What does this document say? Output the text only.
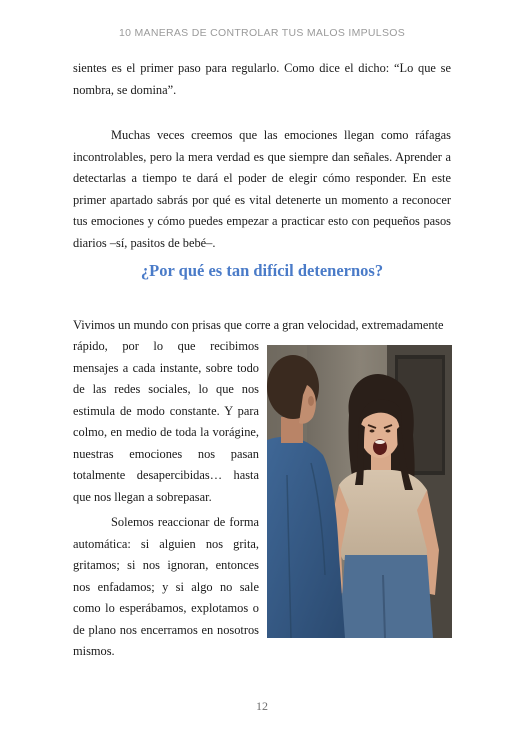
10 MANERAS DE CONTROLAR TUS MALOS IMPULSOS

sientes es el primer paso para regularlo. Como dice el dicho: “Lo que se nombra, se domina”.

Muchas veces creemos que las emociones llegan como ráfagas incontrolables, pero la mera verdad es que siempre dan señales. Aprender a detectarlas a tiempo te dará el poder de elegir cómo responder. En este primer apartado sabrás por qué es vital detenerte un momento a reconocer tus emociones y cómo puedes empezar a practicar esto con pequeños pasos diarios –sí, pasitos de bebé–.

¿Por qué es tan difícil detenernos?

Vivimos un mundo con prisas que corre a gran velocidad, extremadamente

rápido, por lo que recibimos mensajes a cada instante, sobre todo de las redes sociales, lo que nos estimula de modo constante. Y para colmo, en medio de toda la vorágine, nuestras emociones nos pasan totalmente desapercibidas… hasta que nos llegan a sobrepasar.

Solemos reaccionar de forma automática: si alguien nos grita, gritamos; si nos ignoran, entonces nos enfadamos; y si algo no sale como lo esperábamos, explotamos o de plano nos encerramos en nosotros mismos.

12
